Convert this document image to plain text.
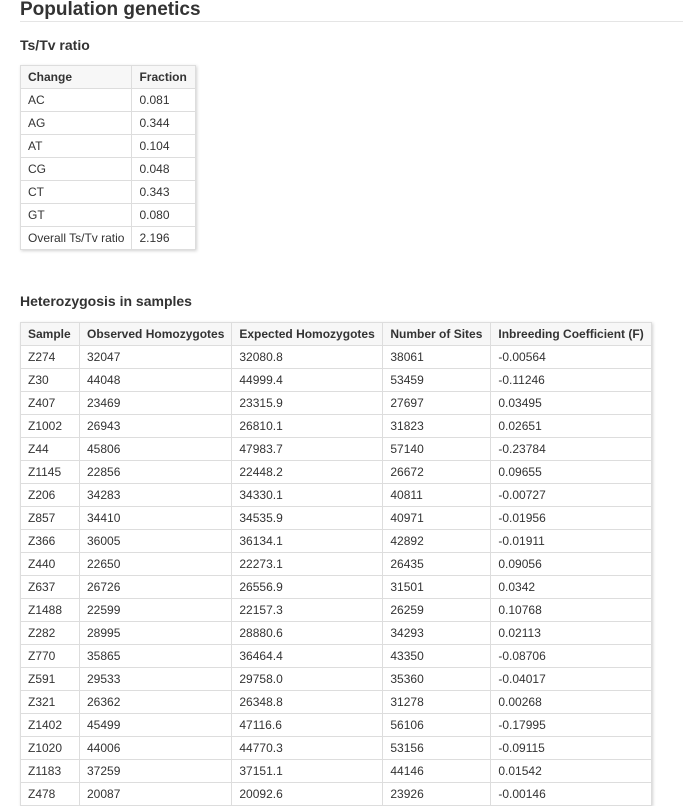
Population genetics
Ts/Tv ratio
Change	Fraction
AC	0.081
AG	0.344
AT	0.104
CG	0.048
CT	0.343
GT	0.080
Overall Ts/Tv ratio	2.196
Heterozygosis in samples
Sample	Observed Homozygotes	Expected Homozygotes	Number of Sites	Inbreeding Coefficient (F)
Z274	32047	32080.8	38061	-0.00564
Z30	44048	44999.4	53459	-0.11246
Z407	23469	23315.9	27697	0.03495
Z1002	26943	26810.1	31823	0.02651
Z44	45806	47983.7	57140	-0.23784
Z1145	22856	22448.2	26672	0.09655
Z206	34283	34330.1	40811	-0.00727
Z857	34410	34535.9	40971	-0.01956
Z366	36005	36134.1	42892	-0.01911
Z440	22650	22273.1	26435	0.09056
Z637	26726	26556.9	31501	0.0342
Z1488	22599	22157.3	26259	0.10768
Z282	28995	28880.6	34293	0.02113
Z770	35865	36464.4	43350	-0.08706
Z591	29533	29758.0	35360	-0.04017
Z321	26362	26348.8	31278	0.00268
Z1402	45499	47116.6	56106	-0.17995
Z1020	44006	44770.3	53156	-0.09115
Z1183	37259	37151.1	44146	0.01542
Z478	20087	20092.6	23926	-0.00146
